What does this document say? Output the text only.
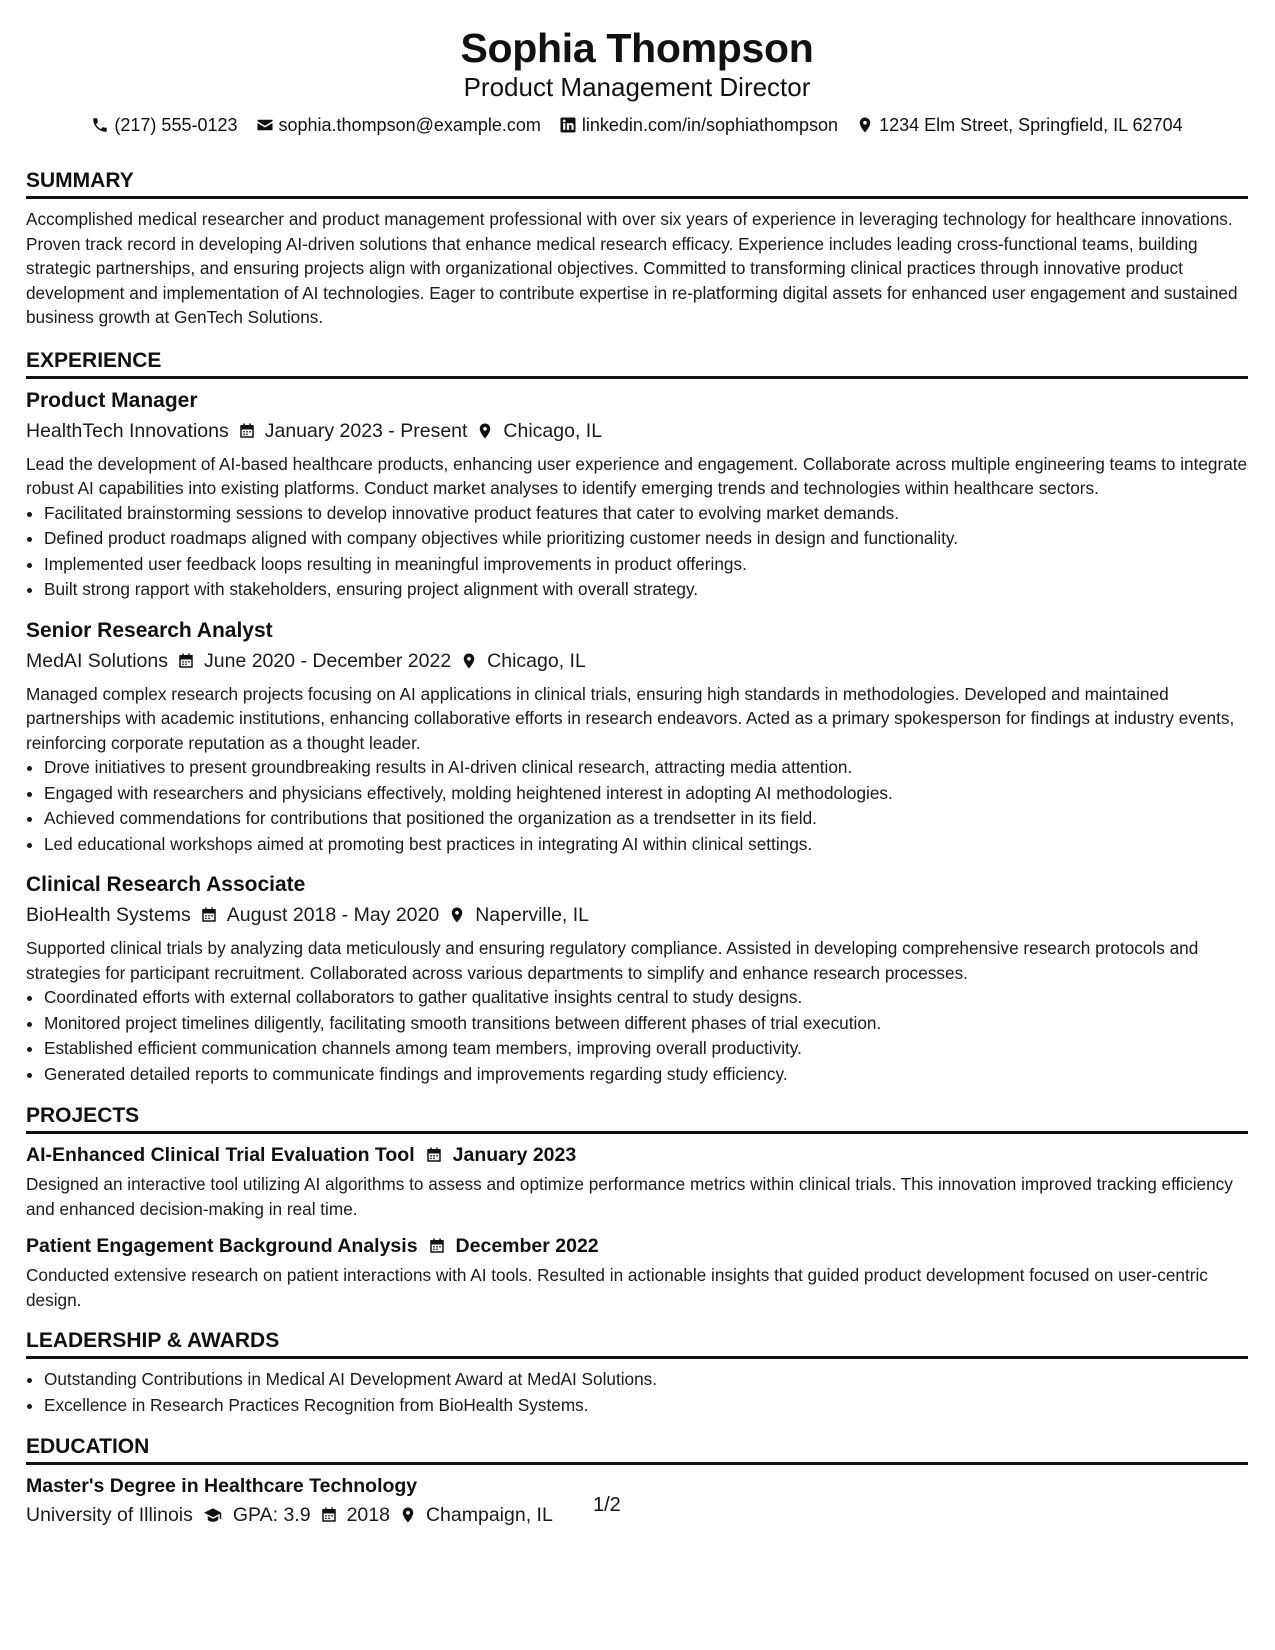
Sophia Thompson
Product Management Director
(217) 555-0123 sophia.thompson@example.com linkedin.com/in/sophiathompson 1234 Elm Street, Springfield, IL 62704
SUMMARY

Accomplished medical researcher and product management professional with over six years of experience in leveraging technology for healthcare innovations. Proven track record in developing AI-driven solutions that enhance medical research efficacy. Experience includes leading cross-functional teams, building strategic partnerships, and ensuring projects align with organizational objectives. Committed to transforming clinical practices through innovative product development and implementation of AI technologies. Eager to contribute expertise in re-platforming digital assets for enhanced user engagement and sustained business growth at GenTech Solutions.

EXPERIENCE
Product Manager
HealthTech Innovations January 2023 - Present Chicago, IL

Lead the development of AI-based healthcare products, enhancing user experience and engagement. Collaborate across multiple engineering teams to integrate robust AI capabilities into existing platforms. Conduct market analyses to identify emerging trends and technologies within healthcare sectors.

• Facilitated brainstorming sessions to develop innovative product features that cater to evolving market demands.
• Defined product roadmaps aligned with company objectives while prioritizing customer needs in design and functionality.
• Implemented user feedback loops resulting in meaningful improvements in product offerings.
• Built strong rapport with stakeholders, ensuring project alignment with overall strategy.
Senior Research Analyst
MedAI Solutions June 2020 - December 2022 Chicago, IL

Managed complex research projects focusing on AI applications in clinical trials, ensuring high standards in methodologies. Developed and maintained partnerships with academic institutions, enhancing collaborative efforts in research endeavors. Acted as a primary spokesperson for findings at industry events, reinforcing corporate reputation as a thought leader.

• Drove initiatives to present groundbreaking results in AI-driven clinical research, attracting media attention.
• Engaged with researchers and physicians effectively, molding heightened interest in adopting AI methodologies.
• Achieved commendations for contributions that positioned the organization as a trendsetter in its field.
• Led educational workshops aimed at promoting best practices in integrating AI within clinical settings.
Clinical Research Associate
BioHealth Systems August 2018 - May 2020 Naperville, IL

Supported clinical trials by analyzing data meticulously and ensuring regulatory compliance. Assisted in developing comprehensive research protocols and strategies for participant recruitment. Collaborated across various departments to simplify and enhance research processes.

• Coordinated efforts with external collaborators to gather qualitative insights central to study designs.
• Monitored project timelines diligently, facilitating smooth transitions between different phases of trial execution.
• Established efficient communication channels among team members, improving overall productivity.
• Generated detailed reports to communicate findings and improvements regarding study efficiency.
PROJECTS
AI-Enhanced Clinical Trial Evaluation Tool January 2023

Designed an interactive tool utilizing AI algorithms to assess and optimize performance metrics within clinical trials. This innovation improved tracking efficiency and enhanced decision-making in real time.

Patient Engagement Background Analysis December 2022

Conducted extensive research on patient interactions with AI tools. Resulted in actionable insights that guided product development focused on user-centric design.

LEADERSHIP & AWARDS
• Outstanding Contributions in Medical AI Development Award at MedAI Solutions.
• Excellence in Research Practices Recognition from BioHealth Systems.
EDUCATION
Master's Degree in Healthcare Technology
University of Illinois GPA: 3.9 2018 Champaign, IL 1/2
